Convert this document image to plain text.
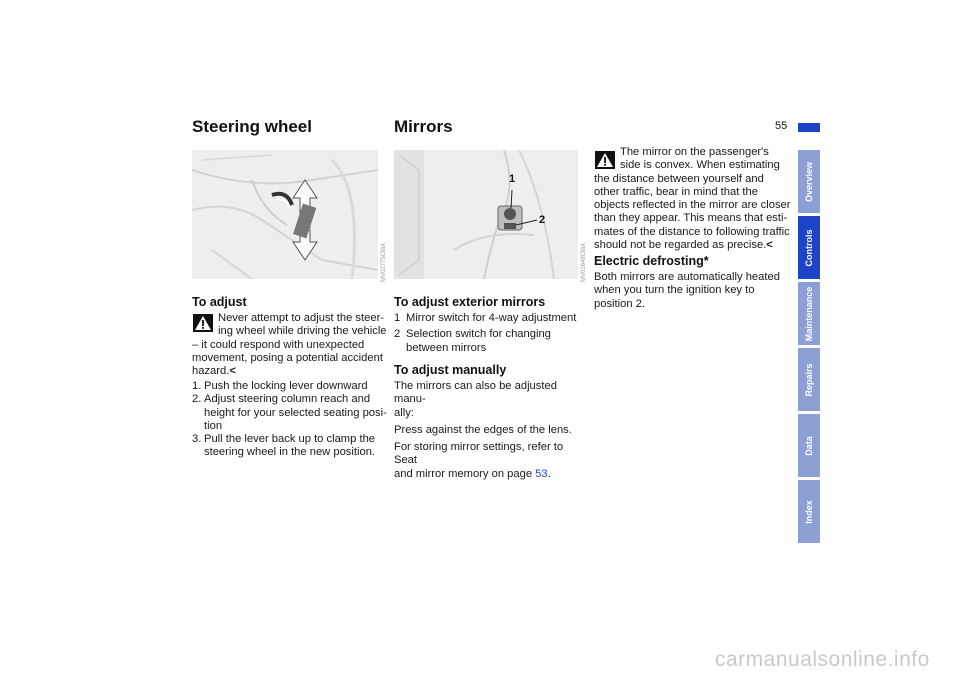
55
Steering wheel	Mirrors
MV02775CMA
1
2
MV01648CMA
To adjust
Never attempt to adjust the steer-
ing wheel while driving the vehicle
– it could respond with unexpected
movement, posing a potential accident
hazard.<
1. Push the locking lever downward
2. Adjust steering column reach and
height for your selected seating posi-
tion
3. Pull the lever back up to clamp the
steering wheel in the new position.
To adjust exterior mirrors
1 Mirror switch for 4-way adjustment
2 Selection switch for changing
between mirrors
To adjust manually
The mirrors can also be adjusted manu-
ally:
Press against the edges of the lens.
For storing mirror settings, refer to Seat
and mirror memory on page 53.
The mirror on the passenger's
side is convex. When estimating
the distance between yourself and
other traffic, bear in mind that the
objects reflected in the mirror are closer
than they appear. This means that esti-
mates of the distance to following traffic
should not be regarded as precise.<
Electric defrosting*
Both mirrors are automatically heated
when you turn the ignition key to
position 2.
Overview
Controls
Maintenance
Repairs
Data
Index
carmanualsonline.info
